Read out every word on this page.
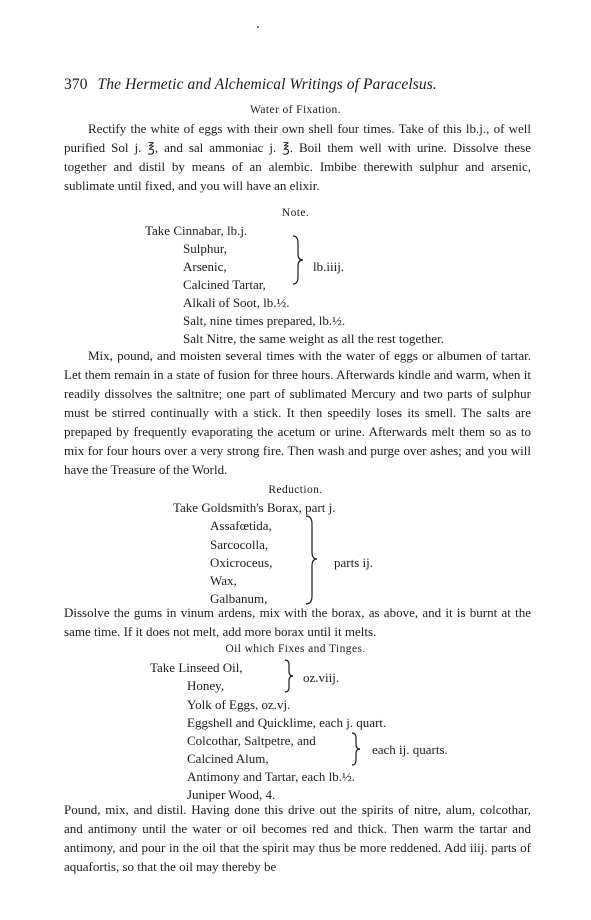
370 The Hermetic and Alchemical Writings of Paracelsus.
Water of Fixation.
Rectify the white of eggs with their own shell four times. Take of this lb.j., of well purified Sol j. ℥, and sal ammoniac j. ℥. Boil them well with urine. Dissolve these together and distil by means of an alembic. Imbibe therewith sulphur and arsenic, sublimate until fixed, and you will have an elixir.
Note.
Take Cinnabar, lb.j.
Sulphur,
Arsenic,
Calcined Tartar,
lb.iiij.
Alkali of Soot, lb.½.
Salt, nine times prepared, lb.½.
Salt Nitre, the same weight as all the rest together.
Mix, pound, and moisten several times with the water of eggs or albumen of tartar. Let them remain in a state of fusion for three hours. Afterwards kindle and warm, when it readily dissolves the saltnitre; one part of sublimated Mercury and two parts of sulphur must be stirred continually with a stick. It then speedily loses its smell. The salts are prepaped by frequently evaporating the acetum or urine. Afterwards melt them so as to mix for four hours over a very strong fire. Then wash and purge over ashes; and you will have the Treasure of the World.
Reduction.
Take Goldsmith's Borax, part j.
Assafœtida,
Sarcocolla,
Oxicroceus,
Wax,
Galbanum,
parts ij.
Dissolve the gums in vinum ardens, mix with the borax, as above, and it is burnt at the same time. If it does not melt, add more borax until it melts.
Oil which Fixes and Tinges.
Take Linseed Oil,
Honey,
oz.viij.
Yolk of Eggs, oz.vj.
Eggshell and Quicklime, each j. quart.
Colcothar, Saltpetre, and
Calcined Alum,
each ij. quarts.
Antimony and Tartar, each lb.½.
Juniper Wood, 4.
Pound, mix, and distil. Having done this drive out the spirits of nitre, alum, colcothar, and antimony until the water or oil becomes red and thick. Then warm the tartar and antimony, and pour in the oil that the spirit may thus be more reddened. Add iiij. parts of aquafortis, so that the oil may thereby be
